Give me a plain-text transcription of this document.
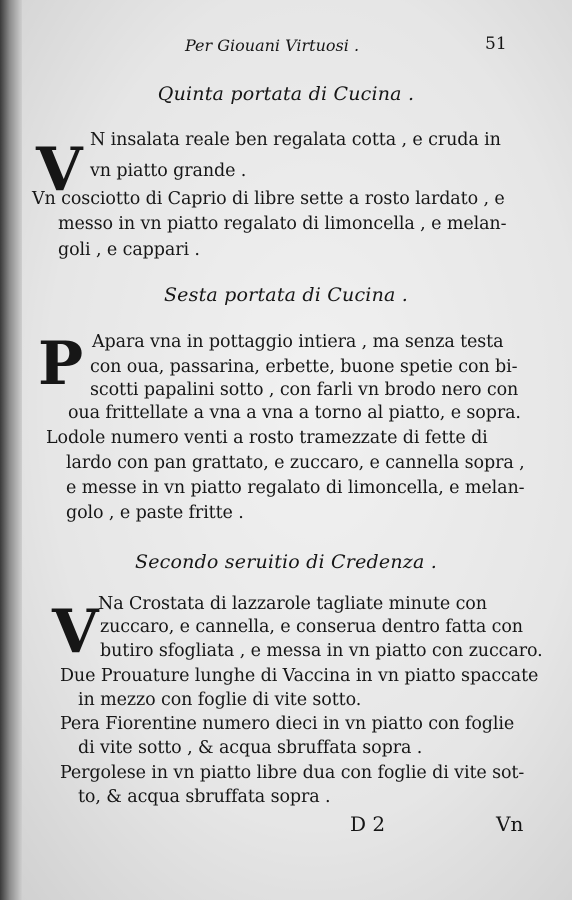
Per Giouani Virtuosi .	51
Quinta portata di Cucina .
V N insalata reale ben regalata cotta , e cruda in
vn piatto grande .
Vn cosciotto di Caprio di libre sette a rosto lardato , e
messo in vn piatto regalato di limoncella , e melan-
goli , e cappari .
Sesta portata di Cucina .
P Apara vna in pottaggio intiera , ma senza testa
con oua, passarina, erbette, buone spetie con bi-
scotti papalini sotto , con farli vn brodo nero con
oua frittellate a vna a vna a torno al piatto, e sopra.
Lodole numero venti a rosto tramezzate di fette di
lardo con pan grattato, e zuccaro, e cannella sopra ,
e messe in vn piatto regalato di limoncella, e melan-
golo , e paste fritte .
Secondo seruitio di Credenza .
V Na Crostata di lazzarole tagliate minute con
zuccaro, e cannella, e conserua dentro fatta con
butiro sfogliata , e messa in vn piatto con zuccaro.
Due Prouature lunghe di Vaccina in vn piatto spaccate
in mezzo con foglie di vite sotto.
Pera Fiorentine numero dieci in vn piatto con foglie
di vite sotto , & acqua sbruffata sopra .
Pergolese in vn piatto libre dua con foglie di vite sot-
to, & acqua sbruffata sopra .
D 2	Vn
